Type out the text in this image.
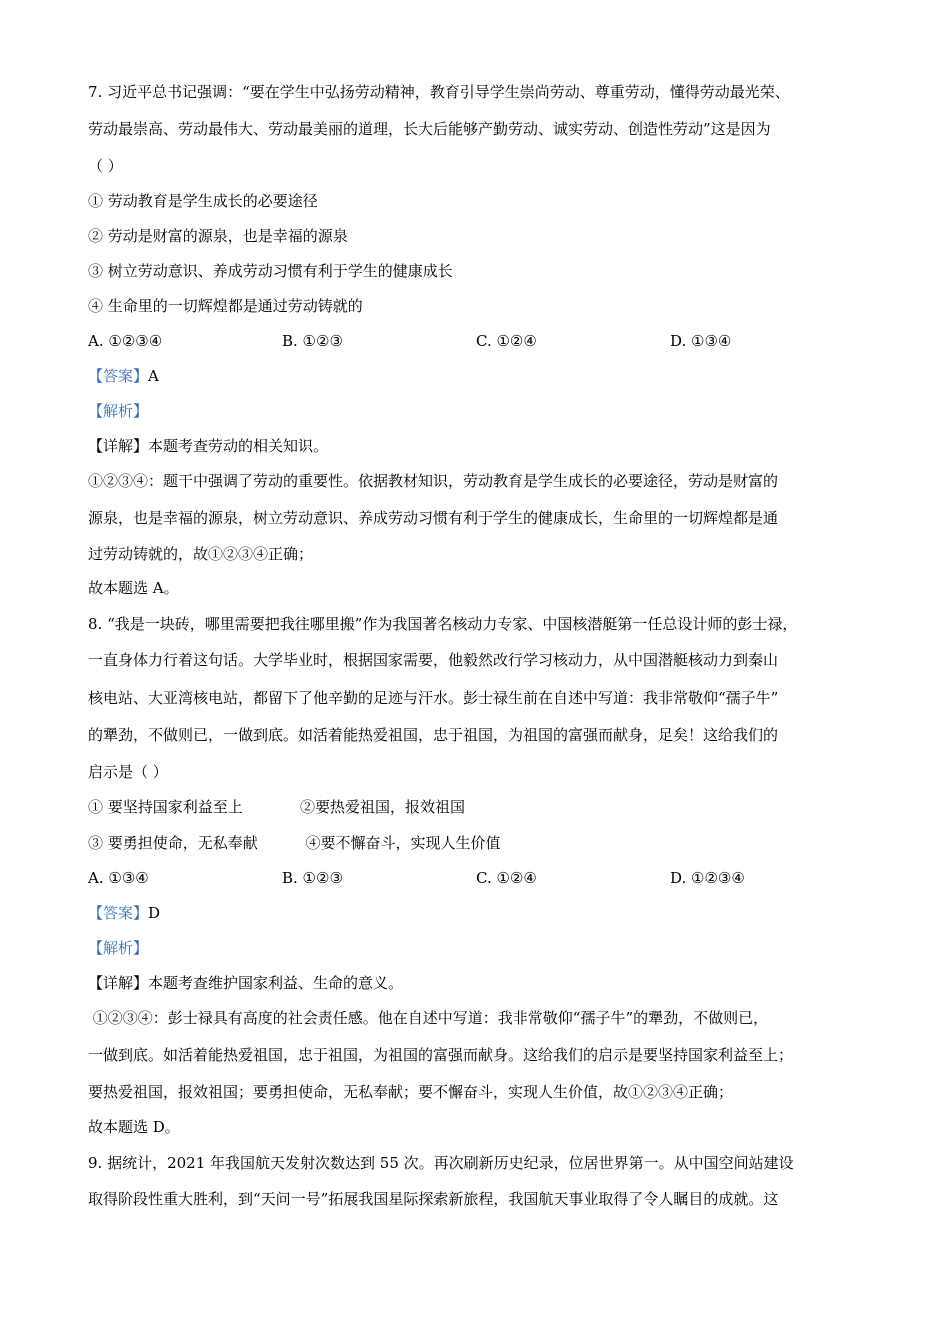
7. 习近平总书记强调：“要在学生中弘扬劳动精神，教育引导学生崇尚劳动、尊重劳动，懂得劳动最光荣、
劳动最崇高、劳动最伟大、劳动最美丽的道理，长大后能够产勤劳动、诚实劳动、创造性劳动”这是因为
（ ）
① 劳动教育是学生成长的必要途径
② 劳动是财富的源泉，也是幸福的源泉
③ 树立劳动意识、养成劳动习惯有利于学生的健康成长
④ 生命里的一切辉煌都是通过劳动铸就的
A. ①②③④	B. ①②③	C. ①②④	D. ①③④
【答案】A
【解析】
【详解】本题考查劳动的相关知识。
①②③④：题干中强调了劳动的重要性。依据教材知识，劳动教育是学生成长的必要途径，劳动是财富的
源泉，也是幸福的源泉，树立劳动意识、养成劳动习惯有利于学生的健康成长，生命里的一切辉煌都是通
过劳动铸就的，故①②③④正确；
故本题选 A。
8. “我是一块砖，哪里需要把我往哪里搬”作为我国著名核动力专家、中国核潜艇第一任总设计师的彭士禄，
一直身体力行着这句话。大学毕业时，根据国家需要，他毅然改行学习核动力，从中国潜艇核动力到秦山
核电站、大亚湾核电站，都留下了他辛勤的足迹与汗水。彭士禄生前在自述中写道：我非常敬仰“孺子牛”
的犟劲，不做则已，一做到底。如活着能热爱祖国，忠于祖国，为祖国的富强而献身，足矣！这给我们的
启示是（ ）
① 要坚持国家利益至上            ②要热爱祖国，报效祖国
③ 要勇担使命，无私奉献          ④要不懈奋斗，实现人生价值
A. ①③④	B. ①②③	C. ①②④	D. ①②③④
【答案】D
【解析】
【详解】本题考查维护国家利益、生命的意义。
①②③④：彭士禄具有高度的社会责任感。他在自述中写道：我非常敬仰“孺子牛”的犟劲，不做则已，
一做到底。如活着能热爱祖国，忠于祖国，为祖国的富强而献身。这给我们的启示是要坚持国家利益至上；
要热爱祖国，报效祖国；要勇担使命，无私奉献；要不懈奋斗，实现人生价值，故①②③④正确；
故本题选 D。
9. 据统计，2021 年我国航天发射次数达到 55 次。再次刷新历史纪录，位居世界第一。从中国空间站建设
取得阶段性重大胜利，到“天问一号”拓展我国星际探索新旅程，我国航天事业取得了令人瞩目的成就。这
